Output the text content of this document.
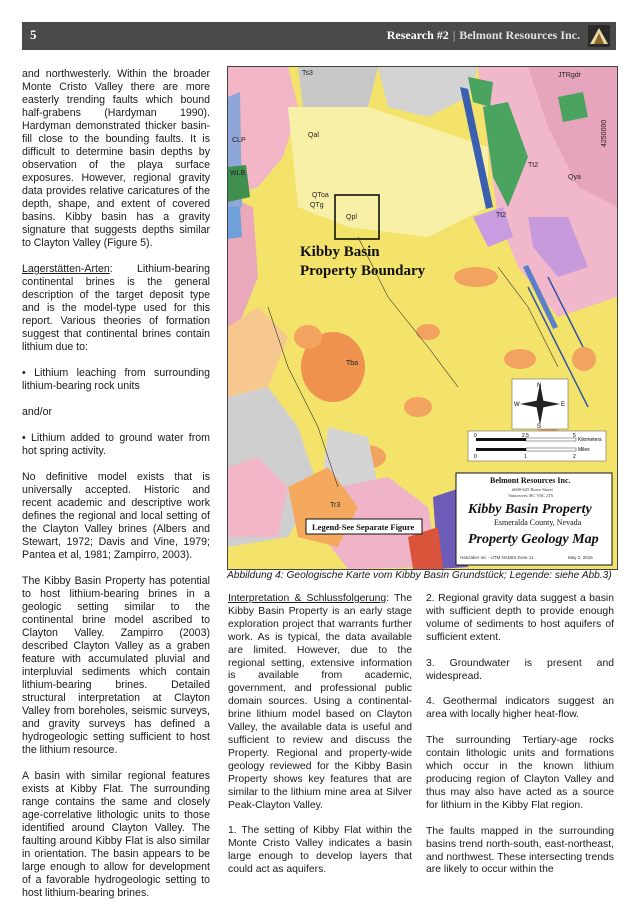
5	Research #2 | Belmont Resources Inc.

and northwesterly. Within the broader Monte Cristo Valley there are more easterly trending faults which bound half-grabens (Hardyman 1990). Hardyman demonstrated thicker basin-fill close to the bounding faults. It is difficult to determine basin depths by observation of the playa surface exposures. However, regional gravity data provides relative caricatures of the depth, shape, and extent of covered basins. Kibby basin has a gravity signature that suggests depths similar to Clayton Valley (Figure 5).

Lagerstätten-Arten: Lithium-bearing continental brines is the general description of the target deposit type and is the model-type used for this report. Various theories of formation suggest that continental brines contain lithium due to:

• Lithium leaching from surrounding lithium-bearing rock units

and/or

• Lithium added to ground water from hot spring activity.

No definitive model exists that is universally accepted. Historic and recent academic and descriptive work defines the regional and local setting of the Clayton Valley brines (Albers and Stewart, 1972; Davis and Vine, 1979; Pantea et al, 1981; Zampirro, 2003).

The Kibby Basin Property has potential to host lithium-bearing brines in a geologic setting similar to the continental brine model ascribed to Clayton Valley. Zampirro (2003) described Clayton Valley as a graben feature with accumulated pluvial and interpluvial sediments which contain lithium-bearing brines. Detailed structural interpretation at Clayton Valley from boreholes, seismic surveys, and gravity surveys has defined a hydrogeologic setting sufficient to host the lithium resource.

A basin with similar regional features exists at Kibby Flat. The surrounding range contains the same and closely age-correlative lithologic units to those identified around Clayton Valley. The faulting around Kibby Flat is also similar in orientation. The basin appears to be large enough to allow for development of a favorable hydrogeologic setting to host lithium-bearing brines.

Ts3
Qal
Qpl
QTg
QToa
Tba
Tt2
Tr3
Qya
JTRgdr
WLB
CLP
Tt2
4250000
Kibby Basin
Property Boundary
N
S
E
W
0	2.5	5
Kilometers
Miles
0	1	2
Legend-See Separate Figure
Belmont Resources Inc.
#600-625 Howe Street
Vancouver, BC V6C 2T6
Kibby Basin Property
Esmeralda County, Nevada
Property Geology Map
Hanzaker Inc - UTM NAD83 Zone 11	May 2, 2016
Abbildung 4: Geologische Karte vom Kibby Basin Grundstück; Legende: siehe Abb.3)

Interpretation & Schlussfolgerung: The Kibby Basin Property is an early stage exploration project that warrants further work. As is typical, the data available are limited. However, due to the regional setting, extensive information is available from academic, government, and professional public domain sources. Using a continental-brine lithium model based on Clayton Valley, the available data is useful and sufficient to review and discuss the Property. Regional and property-wide geology reviewed for the Kibby Basin Property shows key features that are similar to the lithium mine area at Silver Peak-Clayton Valley.

1. The setting of Kibby Flat within the Monte Cristo Valley indicates a basin large enough to develop layers that could act as aquifers.

2. Regional gravity data suggest a basin with sufficient depth to provide enough volume of sediments to host aquifers of sufficient extent.

3. Groundwater is present and widespread.

4. Geothermal indicators suggest an area with locally higher heat-flow.

The surrounding Tertiary-age rocks contain lithologic units and formations which occur in the known lithium producing region of Clayton Valley and thus may also have acted as a source for lithium in the Kibby Flat region.

The faults mapped in the surrounding basins trend north-south, east-northeast, and northwest. These intersecting trends are likely to occur within the
